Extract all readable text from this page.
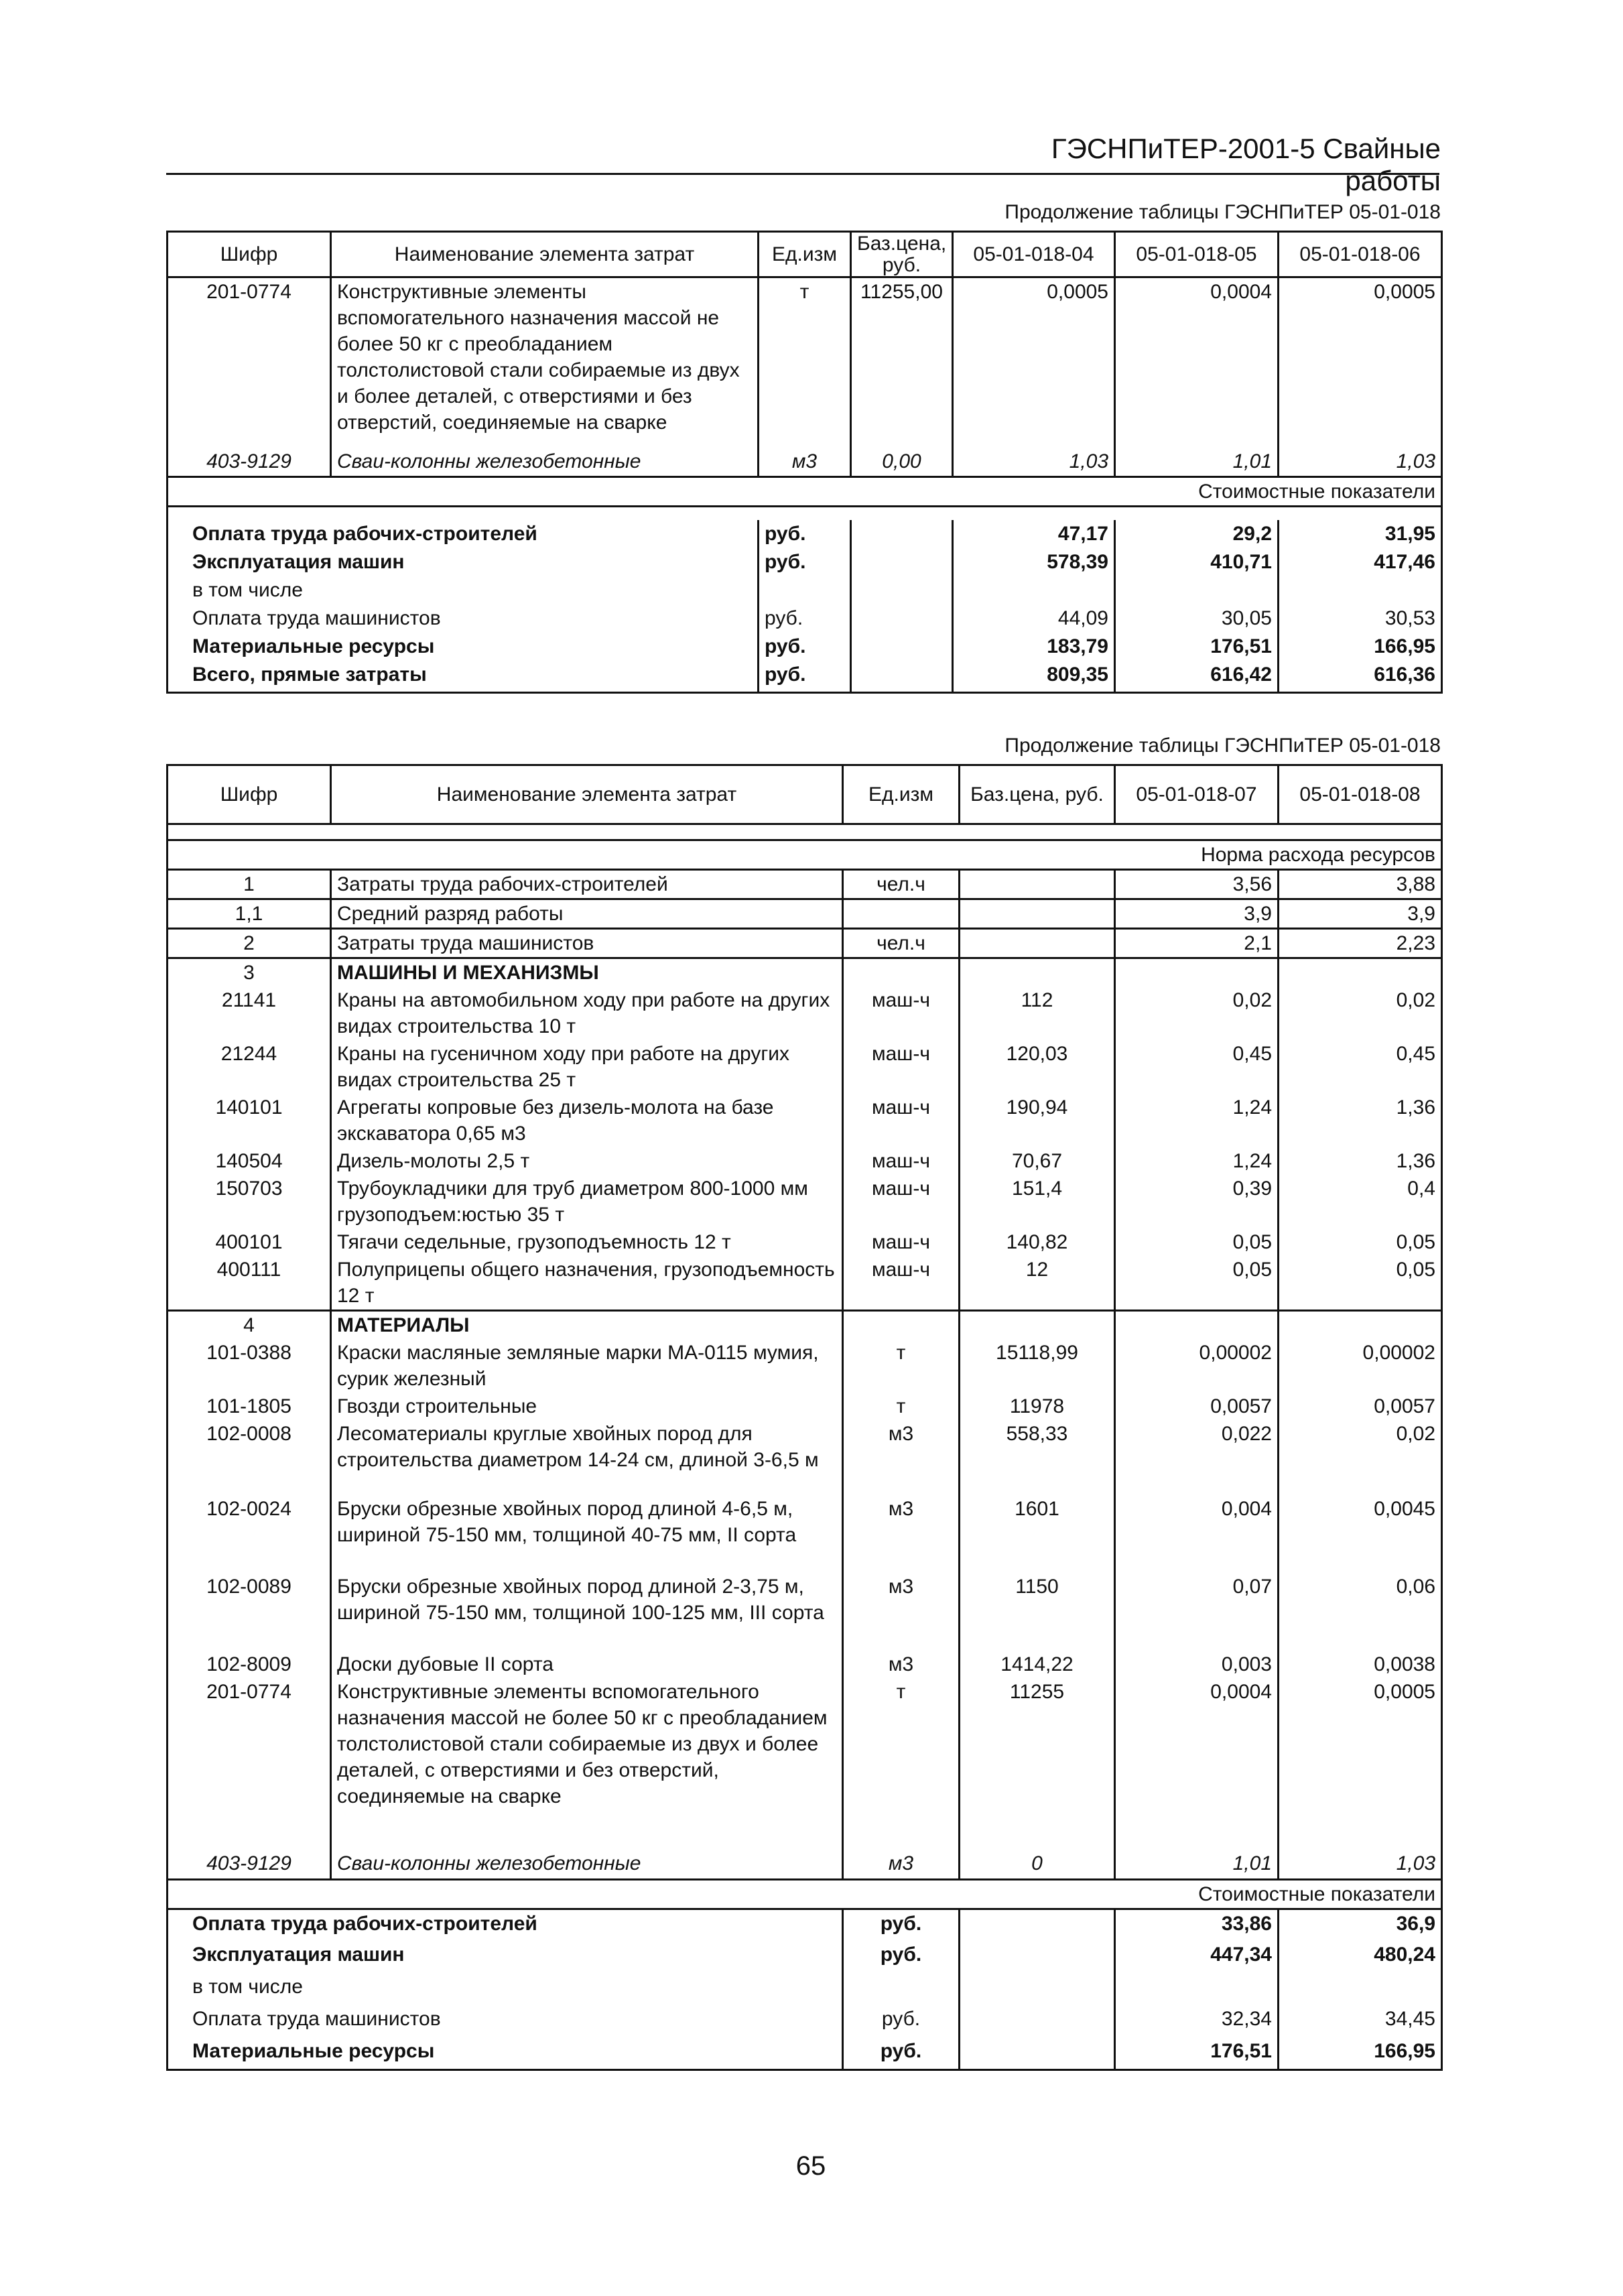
ГЭСНПиТЕР-2001-5 Свайные работы
Продолжение таблицы ГЭСНПиТЕР 05-01-018
Шифр	Наименование элемента затрат	Ед.изм	Баз.цена, руб.	05-01-018-04	05-01-018-05	05-01-018-06
201-0774	Конструктивные элементы вспомогательного назначения массой не более 50 кг с преобладанием толстолистовой стали собираемые из двух и более деталей, с отверстиями и без отверстий, соединяемые на сварке	т	11255,00	0,0005	0,0004	0,0005
403-9129	Сваи-колонны железобетонные	м3	0,00	1,03	1,01	1,03
Стоимостные показатели						

Оплата труда рабочих-строителей		руб.		47,17	29,2	31,95
Эксплуатация машин		руб.		578,39	410,71	417,46
в том числе						
Оплата труда машинистов		руб.		44,09	30,05	30,53
Материальные ресурсы		руб.		183,79	176,51	166,95
Всего, прямые затраты		руб.		809,35	616,42	616,36
Продолжение таблицы ГЭСНПиТЕР 05-01-018
Шифр	Наименование элемента затрат	Ед.изм	Баз.цена, руб.	05-01-018-07	05-01-018-08

Норма расхода ресурсов					
1	Затраты труда рабочих-строителей	чел.ч		3,56	3,88
1,1	Средний разряд работы			3,9	3,9
2	Затраты труда машинистов	чел.ч		2,1	2,23
3	МАШИНЫ И МЕХАНИЗМЫ				
21141	Краны на автомобильном ходу при работе на других видах строительства 10 т	маш-ч	112	0,02	0,02
21244	Краны на гусеничном ходу при работе на других видах строительства 25 т	маш-ч	120,03	0,45	0,45
140101	Агрегаты копровые без дизель-молота на базе экскаватора 0,65 м3	маш-ч	190,94	1,24	1,36
140504	Дизель-молоты 2,5 т	маш-ч	70,67	1,24	1,36
150703	Трубоукладчики для труб диаметром 800-1000 мм грузоподъем:юстью 35 т	маш-ч	151,4	0,39	0,4
400101	Тягачи седельные, грузоподъемность 12 т	маш-ч	140,82	0,05	0,05
400111	Полуприцепы общего назначения, грузоподъемность 12 т	маш-ч	12	0,05	0,05
4	МАТЕРИАЛЫ				
101-0388	Краски масляные земляные марки МА-0115 мумия, сурик железный	т	15118,99	0,00002	0,00002
101-1805	Гвозди строительные	т	11978	0,0057	0,0057
102-0008	Лесоматериалы круглые хвойных пород для строительства диаметром 14-24 см, длиной 3-6,5 м	м3	558,33	0,022	0,02
102-0024	Бруски обрезные хвойных пород длиной 4-6,5 м, шириной 75-150 мм, толщиной 40-75 мм, II сорта	м3	1601	0,004	0,0045
102-0089	Бруски обрезные хвойных пород длиной 2-3,75 м, шириной 75-150 мм, толщиной 100-125 мм, III сорта	м3	1150	0,07	0,06
102-8009	Доски дубовые II сорта	м3	1414,22	0,003	0,0038
201-0774	Конструктивные элементы вспомогательного назначения массой не более 50 кг с преобладанием толстолистовой стали собираемые из двух и более деталей, с отверстиями и без отверстий, соединяемые на сварке	т	11255	0,0004	0,0005
403-9129	Сваи-колонны железобетонные	м3	0	1,01	1,03
Стоимостные показатели					
Оплата труда рабочих-строителей		руб.		33,86	36,9
Эксплуатация машин		руб.		447,34	480,24
в том числе					
Оплата труда машинистов		руб.		32,34	34,45
Материальные ресурсы		руб.		176,51	166,95
65
